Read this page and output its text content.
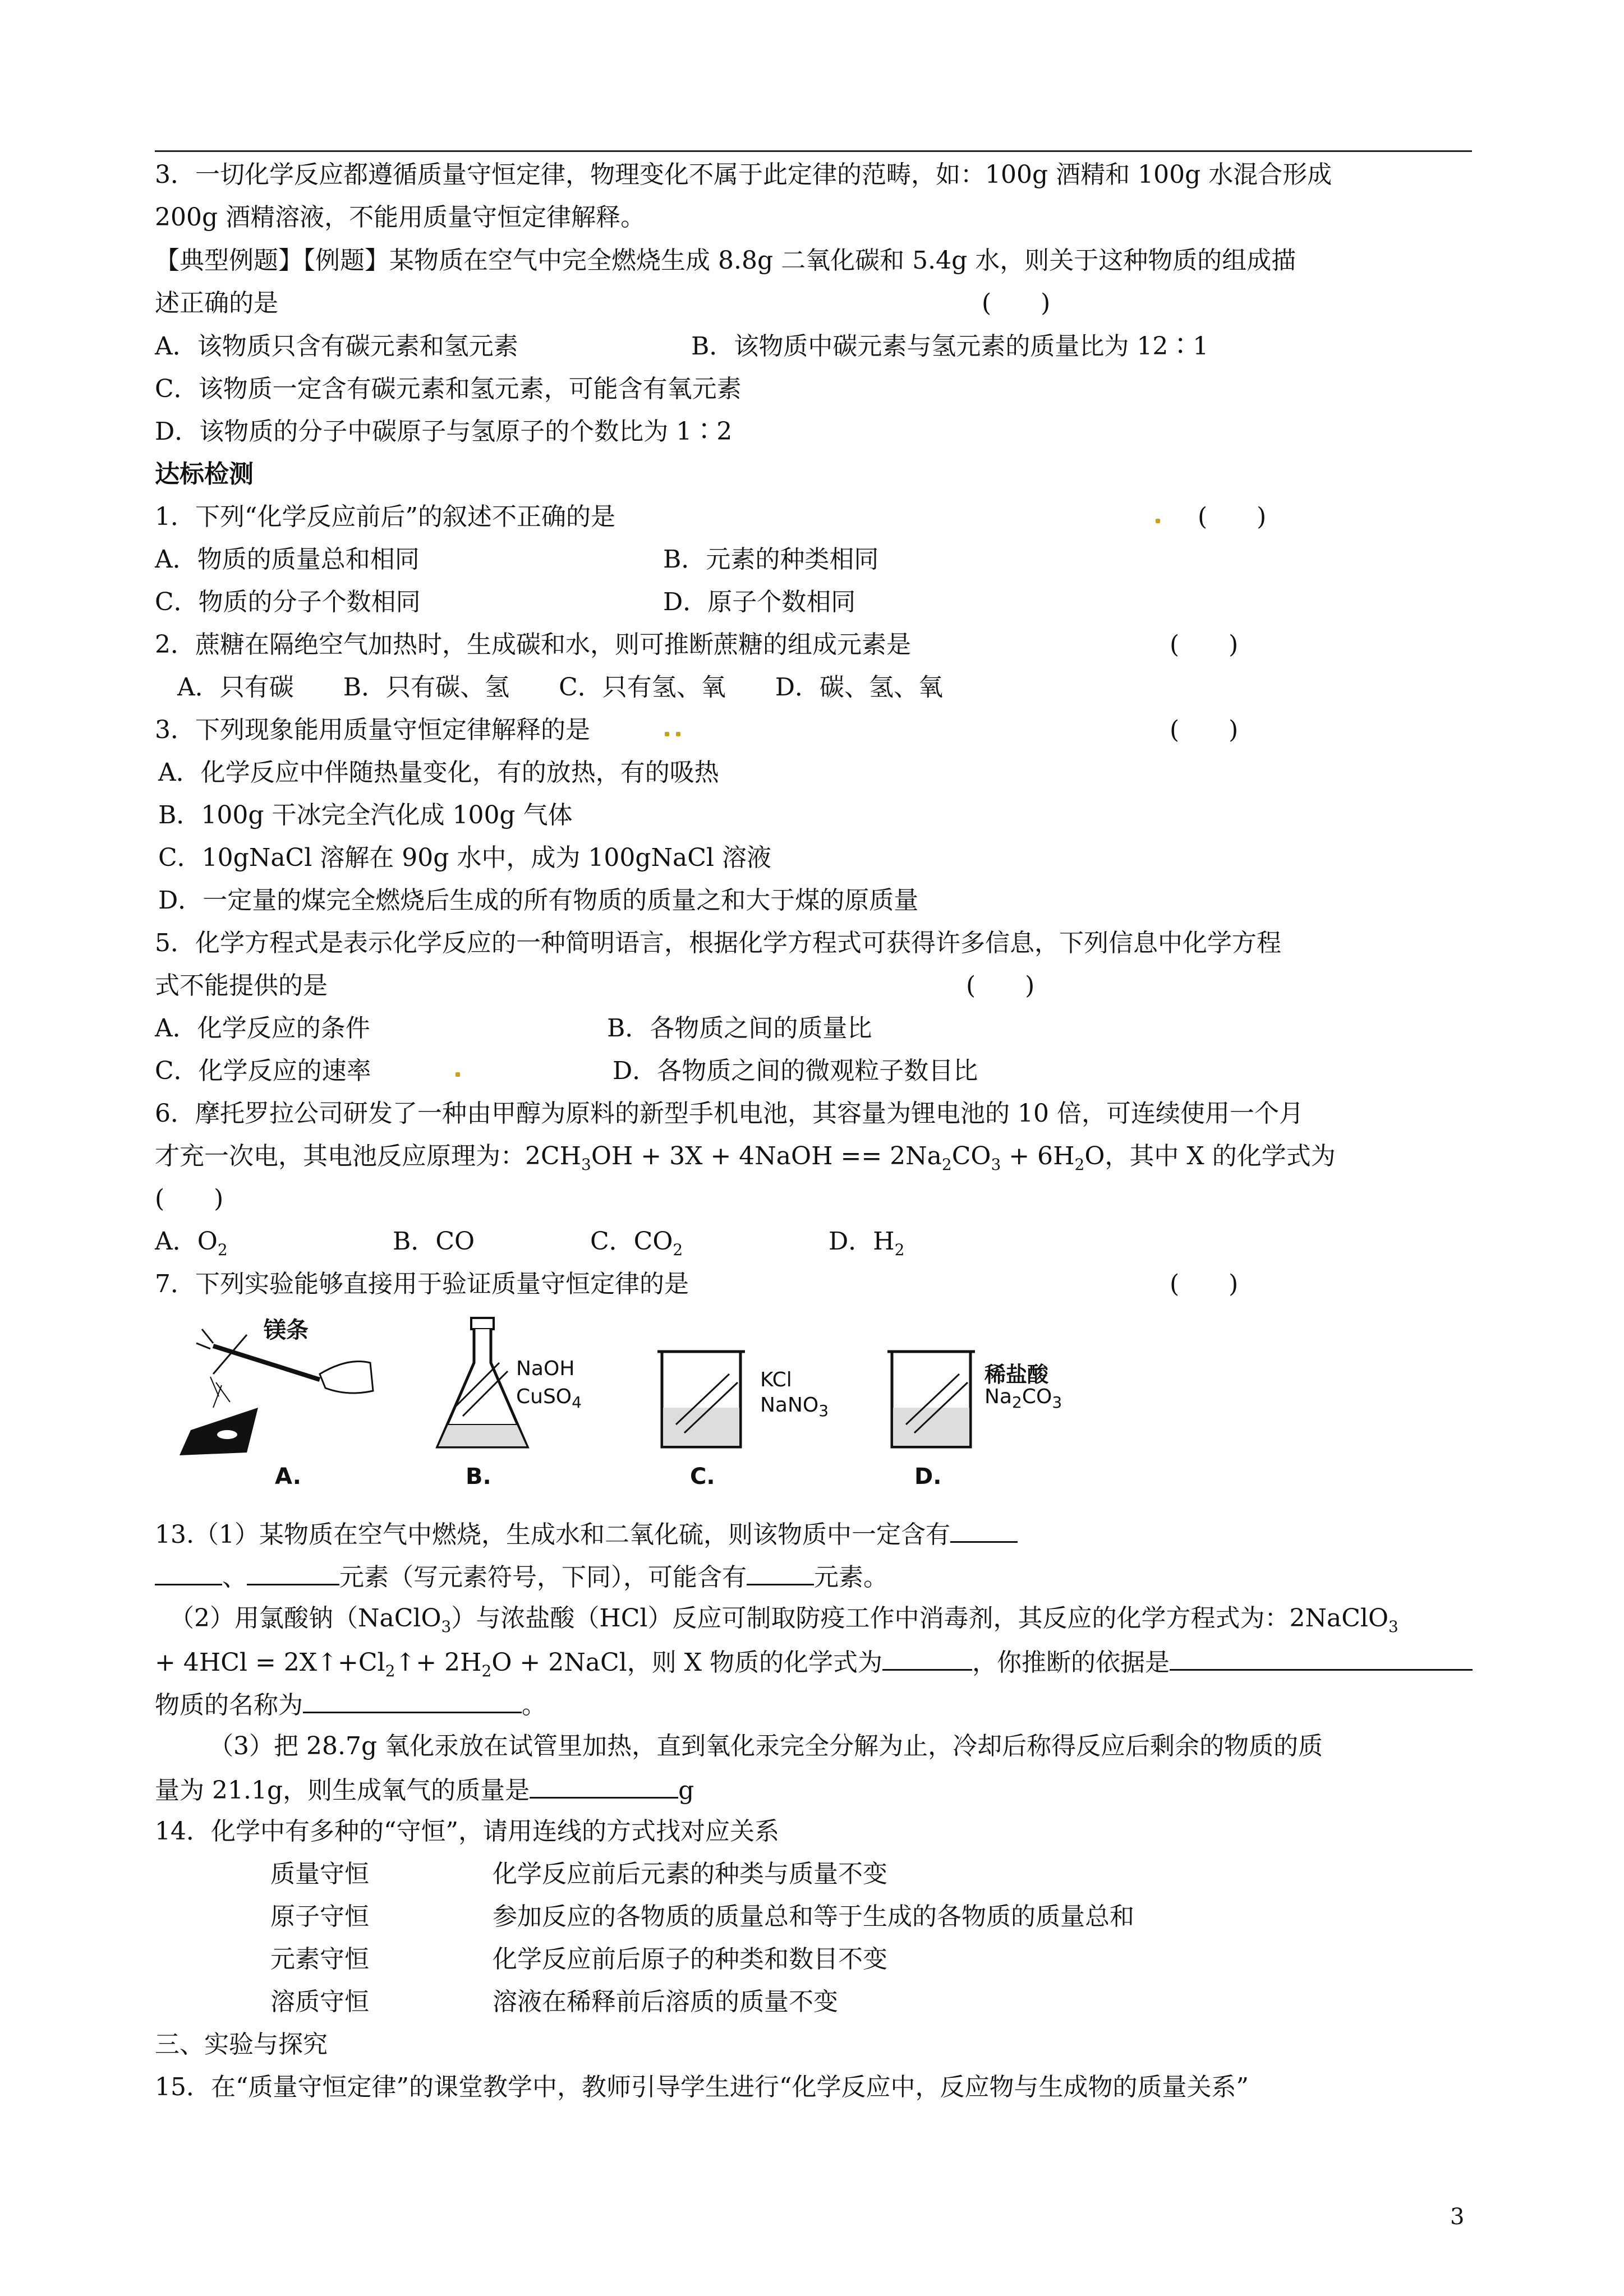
3．一切化学反应都遵循质量守恒定律，物理变化不属于此定律的范畴，如：100g 酒精和 100g 水混合形成
200g 酒精溶液，不能用质量守恒定律解释。
【典型例题】【例题】某物质在空气中完全燃烧生成 8.8g 二氧化碳和 5.4g 水，则关于这种物质的组成描
述正确的是	(　　)
A．该物质只含有碳元素和氢元素	B．该物质中碳元素与氢元素的质量比为 12∶1
C．该物质一定含有碳元素和氢元素，可能含有氧元素
D．该物质的分子中碳原子与氢原子的个数比为 1∶2
达标检测
1．下列“化学反应前后”的叙述不正确的是	(　　)
A．物质的质量总和相同	B．元素的种类相同
C．物质的分子个数相同	D．原子个数相同
2．蔗糖在隔绝空气加热时，生成碳和水，则可推断蔗糖的组成元素是	(　　)
A．只有碳　　B．只有碳、氢　　C．只有氢、氧　　D．碳、氢、氧
3．下列现象能用质量守恒定律解释的是	(　　)
A．化学反应中伴随热量变化，有的放热，有的吸热
B．100g 干冰完全汽化成 100g 气体
C．10gNaCl 溶解在 90g 水中，成为 100gNaCl 溶液
D．一定量的煤完全燃烧后生成的所有物质的质量之和大于煤的原质量
5．化学方程式是表示化学反应的一种简明语言，根据化学方程式可获得许多信息，下列信息中化学方程
式不能提供的是	(　　)
A．化学反应的条件	B．各物质之间的质量比
C．化学反应的速率	D．各物质之间的微观粒子数目比
6．摩托罗拉公司研发了一种由甲醇为原料的新型手机电池，其容量为锂电池的 10 倍，可连续使用一个月
才充一次电，其电池反应原理为：$2CH_3OH + 3X$ + 4NaOH == $2Na_2CO_3 + 6H_2O$，其中 X 的化学式为
(　　)
A．$O_2$	B．CO	C．$CO_2$	D．$H_2$
7．下列实验能够直接用于验证质量守恒定律的是	(　　)
镁条
A.
NaOH
CuSO$_4$
B.
KCl
NaNO$_3$
C.
稀盐酸
$Na_2CO_3$
D.
13.（1）某物质在空气中燃烧，生成水和二氧化硫，则该物质中一定含有
、	元素（写元素符号，下同），可能含有	元素。
（2）用氯酸钠（NaClO$_3$）与浓盐酸（HCl）反应可制取防疫工作中消毒剂，其反应的化学方程式为：2NaClO$_3$
+ $4HCl = 2X↑+Cl_2↑+ 2H_2O$ + 2NaCl，则 X 物质的化学式为	，你推断的依据是
物质的名称为	。
（3）把 28.7g 氧化汞放在试管里加热，直到氧化汞完全分解为止，冷却后称得反应后剩余的物质的质
量为 21.1g，则生成氧气的质量是	g
14．化学中有多种的“守恒”，请用连线的方式找对应关系
质量守恒	化学反应前后元素的种类与质量不变
原子守恒	参加反应的各物质的质量总和等于生成的各物质的质量总和
元素守恒	化学反应前后原子的种类和数目不变
溶质守恒	溶液在稀释前后溶质的质量不变
三、实验与探究
15．在“质量守恒定律”的课堂教学中，教师引导学生进行“化学反应中，反应物与生成物的质量关系”
3
